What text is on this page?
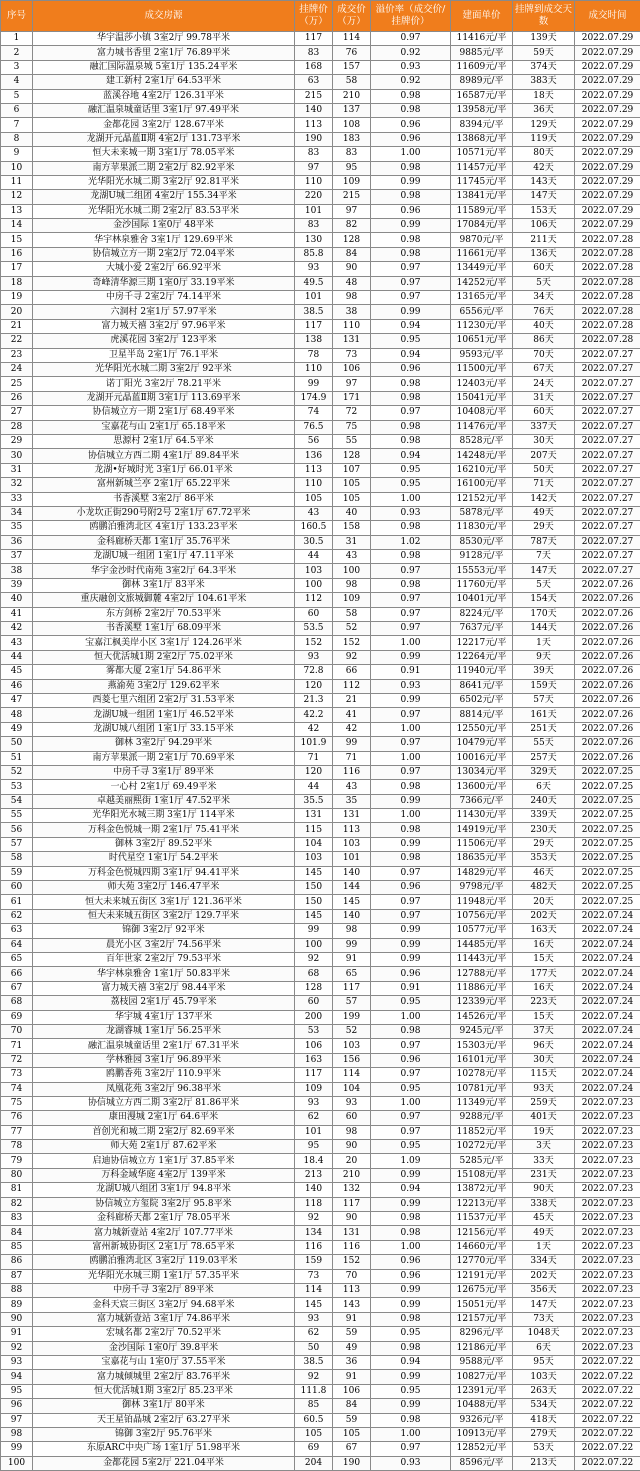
序号	成交房源	挂牌价（万）	成交价（万）	溢价率（成交价/挂牌价）	建面单价	挂牌到成交天数	成交时间
1	华宇温莎小镇 3室2厅 99.78平米	117	114	0.97	11416元/平	139天	2022.07.29
2	富力城书香里 2室1厅 76.89平米	83	76	0.92	9885元/平	59天	2022.07.29
3	融汇国际温泉城 5室1厅 135.24平米	168	157	0.93	11609元/平	374天	2022.07.29
4	建工新村 2室1厅 64.53平米	63	58	0.92	8989元/平	383天	2022.07.29
5	蓝溪谷地 4室2厅 126.31平米	215	210	0.98	16587元/平	18天	2022.07.29
6	融汇温泉城童话里 3室1厅 97.49平米	140	137	0.98	13958元/平	36天	2022.07.29
7	金都花园 3室2厅 128.67平米	113	108	0.96	8394元/平	129天	2022.07.29
8	龙湖开元晶蓝Ⅱ期 4室2厅 131.73平米	190	183	0.96	13868元/平	119天	2022.07.29
9	恒大未来城一期 3室1厅 78.05平米	83	83	1.00	10571元/平	80天	2022.07.29
10	南方苹果派二期 2室2厅 82.92平米	97	95	0.98	11457元/平	42天	2022.07.29
11	光华阳光水城二期 3室2厅 92.81平米	110	109	0.99	11745元/平	143天	2022.07.29
12	龙湖U城二组团 4室2厅 155.34平米	220	215	0.98	13841元/平	147天	2022.07.29
13	光华阳光水城二期 2室2厅 83.53平米	101	97	0.96	11589元/平	153天	2022.07.29
14	金沙国际 1室0厅 48平米	83	82	0.99	17084元/平	106天	2022.07.29
15	华宇林泉雅舍 3室1厅 129.69平米	130	128	0.98	9870元/平	211天	2022.07.28
16	协信城立方一期 2室2厅 72.04平米	85.8	84	0.98	11661元/平	136天	2022.07.28
17	大城小爱 2室2厅 66.92平米	93	90	0.97	13449元/平	60天	2022.07.28
18	奇峰清华源三期 1室0厅 33.19平米	49.5	48	0.97	14252元/平	5天	2022.07.28
19	中房千寻 2室2厅 74.14平米	101	98	0.97	13165元/平	34天	2022.07.28
20	六洞村 2室1厅 57.97平米	38.5	38	0.99	6556元/平	76天	2022.07.28
21	富力城天禧 3室2厅 97.96平米	117	110	0.94	11230元/平	40天	2022.07.28
22	虎溪花园 3室2厅 123平米	138	131	0.95	10651元/平	86天	2022.07.28
23	卫星半岛 2室1厅 76.1平米	78	73	0.94	9593元/平	70天	2022.07.27
24	光华阳光水城二期 3室2厅 92平米	110	106	0.96	11500元/平	67天	2022.07.27
25	诺丁阳光 3室2厅 78.21平米	99	97	0.98	12403元/平	24天	2022.07.27
26	龙湖开元晶蓝Ⅱ期 3室1厅 113.69平米	174.9	171	0.98	15041元/平	31天	2022.07.27
27	协信城立方一期 2室1厅 68.49平米	74	72	0.97	10408元/平	60天	2022.07.27
28	宝嘉花与山 2室1厅 65.18平米	76.5	75	0.98	11476元/平	337天	2022.07.27
29	思源村 2室1厅 64.5平米	56	55	0.98	8528元/平	30天	2022.07.27
30	协信城立方西二期 4室1厅 89.84平米	136	128	0.94	14248元/平	207天	2022.07.27
31	龙湖•好城时光 3室1厅 66.01平米	113	107	0.95	16210元/平	50天	2022.07.27
32	富州新城兰亭 2室1厅 65.22平米	110	105	0.95	16100元/平	71天	2022.07.27
33	书香溪墅 3室2厅 86平米	105	105	1.00	12152元/平	142天	2022.07.27
34	小龙坎正街290号附2号 2室1厅 67.72平米	43	40	0.93	5878元/平	49天	2022.07.27
35	鸥鹏泊雅湾北区 4室1厅 133.23平米	160.5	158	0.98	11830元/平	29天	2022.07.27
36	金科廊桥天都 1室1厅 35.76平米	30.5	31	1.02	8530元/平	787天	2022.07.27
37	龙湖U城一组团 1室1厅 47.11平米	44	43	0.98	9128元/平	7天	2022.07.27
38	华宇金沙时代南苑 3室2厅 64.3平米	103	100	0.97	15553元/平	147天	2022.07.27
39	御林 3室1厅 83平米	100	98	0.98	11760元/平	5天	2022.07.26
40	重庆融创文旅城御麓 4室2厅 104.61平米	112	109	0.97	10401元/平	154天	2022.07.26
41	东方剑桥 2室2厅 70.53平米	60	58	0.97	8224元/平	170天	2022.07.26
42	书香溪墅 1室1厅 68.09平米	53.5	52	0.97	7637元/平	144天	2022.07.26
43	宝嘉江枫美岸小区 3室1厅 124.26平米	152	152	1.00	12217元/平	1天	2022.07.26
44	恒大优活城1期 2室2厅 75.02平米	93	92	0.99	12264元/平	9天	2022.07.26
45	雾都大厦 2室1厅 54.86平米	72.8	66	0.91	11940元/平	39天	2022.07.26
46	燕渝苑 3室2厅 129.62平米	120	112	0.93	8641元/平	159天	2022.07.26
47	西菱七里六组团 2室2厅 31.53平米	21.3	21	0.99	6502元/平	57天	2022.07.26
48	龙湖U城一组团 1室1厅 46.52平米	42.2	41	0.97	8814元/平	161天	2022.07.26
49	龙湖U城八组团 1室1厅 33.15平米	42	42	1.00	12550元/平	251天	2022.07.26
50	御林 3室2厅 94.29平米	101.9	99	0.97	10479元/平	55天	2022.07.26
51	南方苹果派一期 2室1厅 70.69平米	71	71	1.00	10016元/平	257天	2022.07.26
52	中房千寻 3室1厅 89平米	120	116	0.97	13034元/平	329天	2022.07.25
53	一心村 2室1厅 69.49平米	44	43	0.98	13600元/平	6天	2022.07.25
54	卓越美丽熙街 1室1厅 47.52平米	35.5	35	0.99	7366元/平	240天	2022.07.25
55	光华阳光水城三期 3室1厅 114平米	131	131	1.00	11430元/平	339天	2022.07.25
56	万科金色悦城一期 2室1厅 75.41平米	115	113	0.98	14919元/平	230天	2022.07.25
57	御林 3室2厅 89.52平米	104	103	0.99	11506元/平	29天	2022.07.25
58	时代星空 1室1厅 54.2平米	103	101	0.98	18635元/平	353天	2022.07.25
59	万科金色悦城四期 3室1厅 94.41平米	145	140	0.97	14829元/平	46天	2022.07.25
60	师大苑 3室2厅 146.47平米	150	144	0.96	9798元/平	482天	2022.07.25
61	恒大未来城五街区 3室1厅 121.36平米	150	145	0.97	11948元/平	20天	2022.07.25
62	恒大未来城五街区 3室2厅 129.7平米	145	140	0.97	10756元/平	202天	2022.07.24
63	锦御 3室2厅 92平米	99	98	0.99	10577元/平	163天	2022.07.24
64	晨光小区 3室2厅 74.56平米	100	99	0.99	14485元/平	16天	2022.07.24
65	百年世家 2室2厅 79.53平米	92	91	0.99	11443元/平	15天	2022.07.24
66	华宇林泉雅舍 1室1厅 50.83平米	68	65	0.96	12788元/平	177天	2022.07.24
67	富力城天禧 3室2厅 98.44平米	128	117	0.91	11886元/平	16天	2022.07.24
68	荔枝园 2室1厅 45.79平米	60	57	0.95	12339元/平	223天	2022.07.24
69	华宇城 4室1厅 137平米	200	199	1.00	14526元/平	15天	2022.07.24
70	龙湖睿城 1室1厅 56.25平米	53	52	0.98	9245元/平	37天	2022.07.24
71	融汇温泉城童话里 2室1厅 67.31平米	106	103	0.97	15303元/平	96天	2022.07.24
72	学林雅园 3室1厅 96.89平米	163	156	0.96	16101元/平	30天	2022.07.24
73	鸥鹏香苑 3室2厅 110.9平米	117	114	0.97	10278元/平	115天	2022.07.24
74	凤凰花苑 3室2厅 96.38平米	109	104	0.95	10781元/平	93天	2022.07.24
75	协信城立方西二期 3室2厅 81.86平米	93	93	1.00	11349元/平	259天	2022.07.23
76	康田漫城 2室1厅 64.6平米	62	60	0.97	9288元/平	401天	2022.07.23
77	首创光和城二期 2室2厅 82.69平米	101	98	0.97	11852元/平	19天	2022.07.23
78	师大苑 2室1厅 87.62平米	95	90	0.95	10272元/平	3天	2022.07.23
79	启迪协信城立方 1室1厅 37.85平米	18.4	20	1.09	5285元/平	33天	2022.07.23
80	万科金域华庭 4室2厅 139平米	213	210	0.99	15108元/平	231天	2022.07.23
81	龙湖U城八组团 3室1厅 94.8平米	140	132	0.94	13872元/平	90天	2022.07.23
82	协信城立方玺院 3室2厅 95.8平米	118	117	0.99	12213元/平	338天	2022.07.23
83	金科廊桥天都 2室1厅 78.05平米	92	90	0.98	11537元/平	45天	2022.07.23
84	富力城新壹站 4室2厅 107.77平米	134	131	0.98	12156元/平	49天	2022.07.23
85	富州新城协街区 2室1厅 78.65平米	116	116	1.00	14660元/平	1天	2022.07.23
86	鸥鹏泊雅湾北区 3室2厅 119.03平米	159	152	0.96	12770元/平	334天	2022.07.23
87	光华阳光水城三期 1室1厅 57.35平米	73	70	0.96	12191元/平	202天	2022.07.23
88	中房千寻 3室2厅 89平米	114	113	0.99	12675元/平	356天	2022.07.23
89	金科天宸三街区 3室2厅 94.68平米	145	143	0.99	15051元/平	147天	2022.07.23
90	富力城新壹站 3室1厅 74.86平米	93	91	0.98	12157元/平	73天	2022.07.23
91	宏城名都 2室2厅 70.52平米	62	59	0.95	8296元/平	1048天	2022.07.23
92	金沙国际 1室0厅 39.8平米	50	49	0.98	12186元/平	6天	2022.07.23
93	宝嘉花与山 1室0厅 37.55平米	38.5	36	0.94	9588元/平	95天	2022.07.22
94	富力城倾城里 2室2厅 83.76平米	92	91	0.99	10827元/平	103天	2022.07.22
95	恒大优活城1期 3室2厅 85.23平米	111.8	106	0.95	12391元/平	263天	2022.07.22
96	御林 3室1厅 80平米	85	84	0.99	10488元/平	534天	2022.07.22
97	天王星铂晶城 2室2厅 63.27平米	60.5	59	0.98	9326元/平	418天	2022.07.22
98	锦御 3室2厅 95.76平米	105	105	1.00	10913元/平	279天	2022.07.22
99	东原ARC中央广场 1室1厅 51.98平米	69	67	0.97	12852元/平	53天	2022.07.22
100	金都花园 5室2厅 221.04平米	204	190	0.93	8596元/平	213天	2022.07.22
